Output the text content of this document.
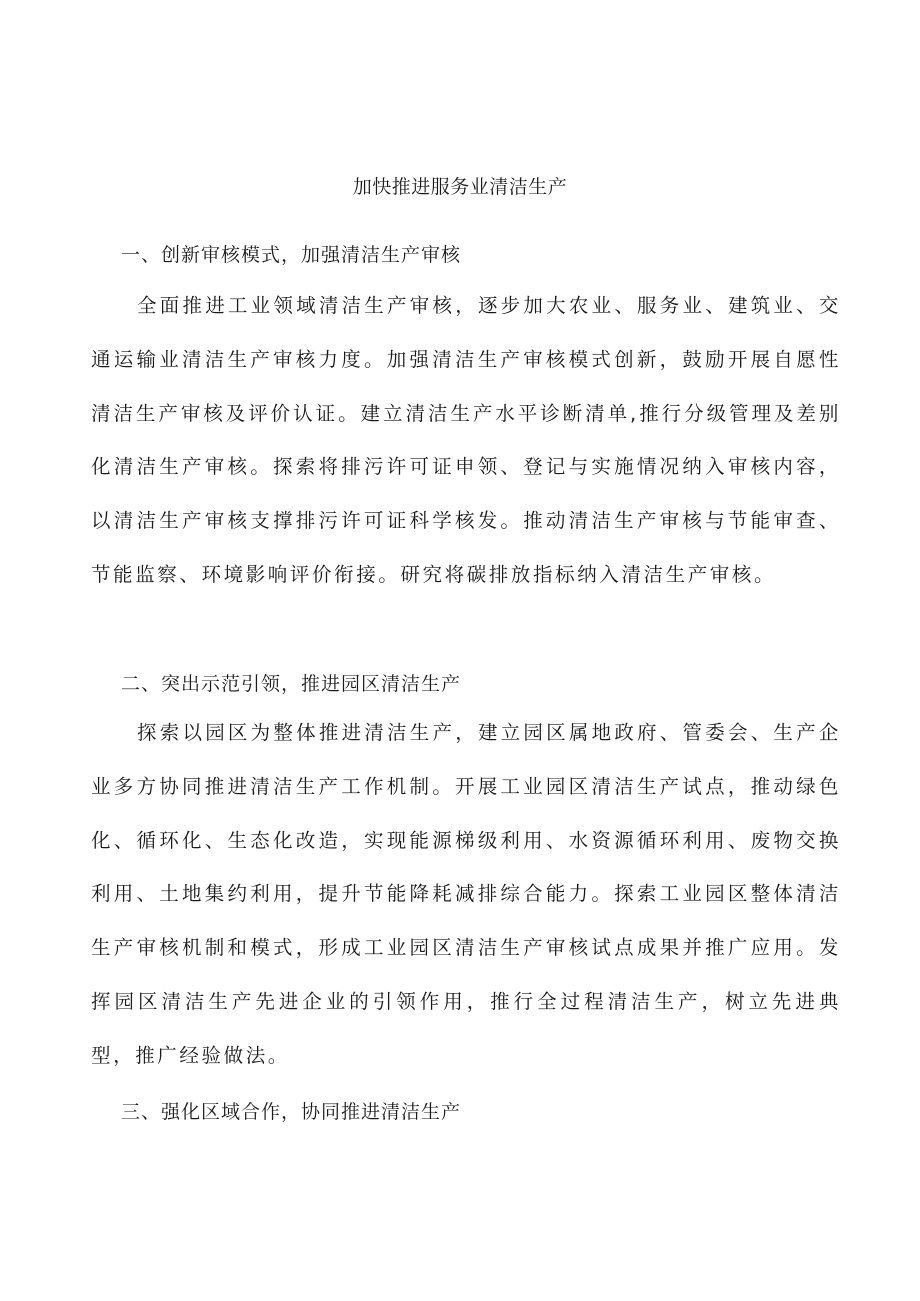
加快推进服务业清洁生产
一、创新审核模式，加强清洁生产审核

全面推进工业领域清洁生产审核，逐步加大农业、服务业、建筑业、交通运输业清洁生产审核力度。加强清洁生产审核模式创新，鼓励开展自愿性清洁生产审核及评价认证。建立清洁生产水平诊断清单,推行分级管理及差别化清洁生产审核。探索将排污许可证申领、登记与实施情况纳入审核内容，以清洁生产审核支撑排污许可证科学核发。推动清洁生产审核与节能审查、节能监察、环境影响评价衔接。研究将碳排放指标纳入清洁生产审核。

二、突出示范引领，推进园区清洁生产

探索以园区为整体推进清洁生产，建立园区属地政府、管委会、生产企业多方协同推进清洁生产工作机制。开展工业园区清洁生产试点，推动绿色化、循环化、生态化改造，实现能源梯级利用、水资源循环利用、废物交换利用、土地集约利用，提升节能降耗减排综合能力。探索工业园区整体清洁生产审核机制和模式，形成工业园区清洁生产审核试点成果并推广应用。发挥园区清洁生产先进企业的引领作用，推行全过程清洁生产，树立先进典型，推广经验做法。

三、强化区域合作，协同推进清洁生产
